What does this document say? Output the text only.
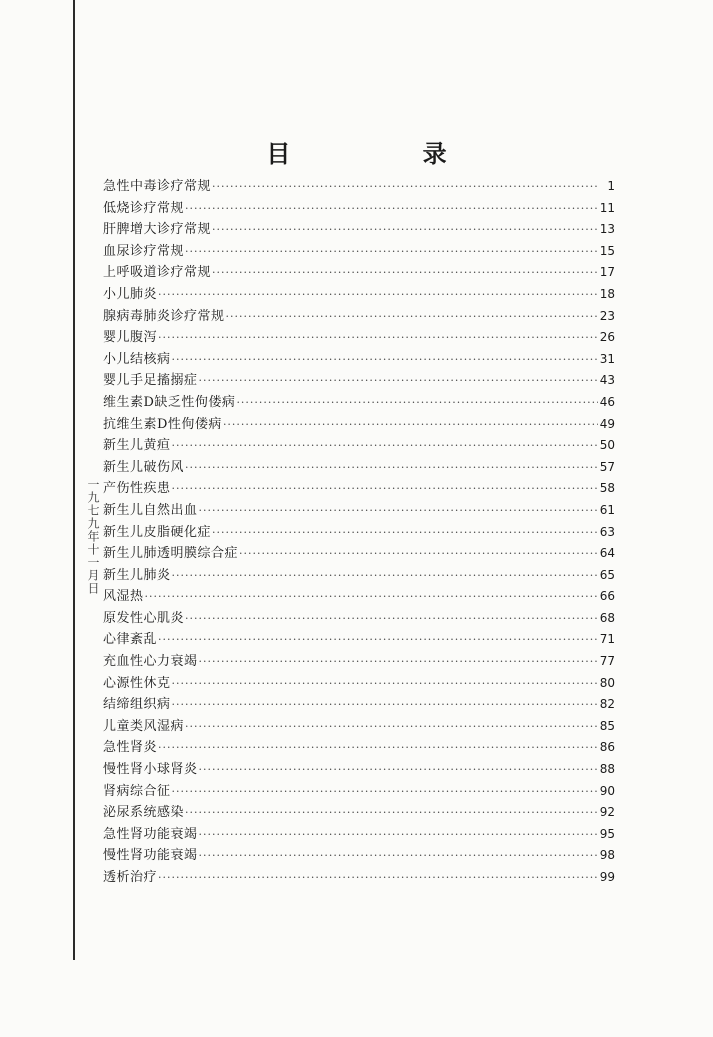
一九七九年十一月日
目 录
急性中毒诊疗常规 ·····	1
低烧诊疗常规 ·····	11
肝脾增大诊疗常规 ·····	13
血尿诊疗常规 ·····	15
上呼吸道诊疗常规 ·····	17
小儿肺炎 ·····	18
腺病毒肺炎诊疗常规 ·····	23
婴儿腹泻 ·····	26
小儿结核病 ·····	31
婴儿手足搐搦症 ·····	43
维生素D缺乏性佝偻病 ·····	46
抗维生素D性佝偻病 ·····	49
新生儿黄疸 ·····	50
新生儿破伤风 ·····	57
产伤性疾患 ·····	58
新生儿自然出血 ·····	61
新生儿皮脂硬化症 ·····	63
新生儿肺透明膜综合症 ·····	64
新生儿肺炎 ·····	65
风湿热 ·····	66
原发性心肌炎 ·····	68
心律紊乱 ·····	71
充血性心力衰竭 ·····	77
心源性休克 ·····	80
结缔组织病 ·····	82
儿童类风湿病 ·····	85
急性肾炎 ·····	86
慢性肾小球肾炎 ·····	88
肾病综合征 ·····	90
泌尿系统感染 ·····	92
急性肾功能衰竭 ·····	95
慢性肾功能衰竭 ·····	98
透析治疗 ·····	99
